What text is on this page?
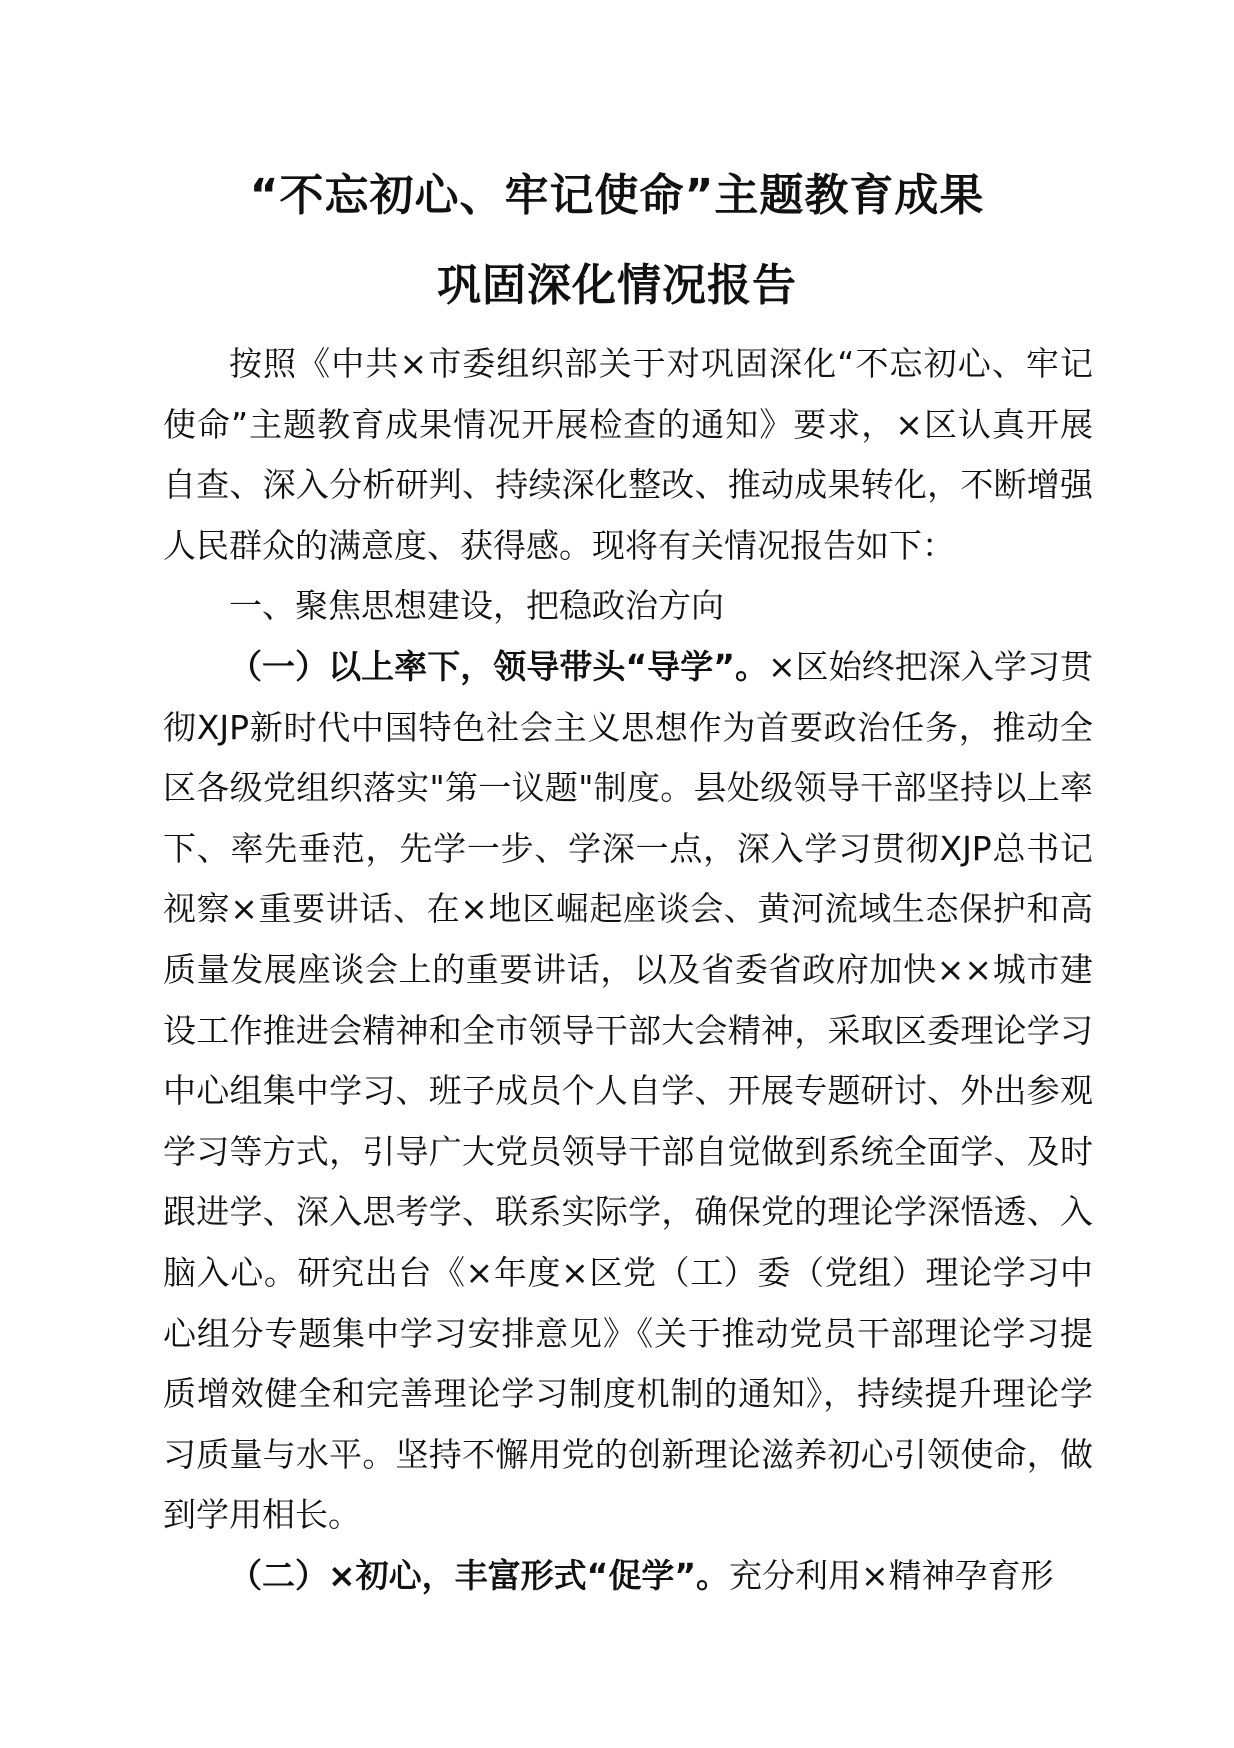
“不忘初心、牢记使命”主题教育成果
巩固深化情况报告

按照《中共×市委组织部关于对巩固深化“不忘初心、牢记使命”主题教育成果情况开展检查的通知》要求，×区认真开展自查、深入分析研判、持续深化整改、推动成果转化，不断增强人民群众的满意度、获得感。现将有关情况报告如下：

一、聚焦思想建设，把稳政治方向

（一）以上率下，领导带头“导学”。×区始终把深入学习贯彻XJP新时代中国特色社会主义思想作为首要政治任务，推动全区各级党组织落实"第一议题"制度。县处级领导干部坚持以上率下、率先垂范，先学一步、学深一点，深入学习贯彻XJP总书记视察×重要讲话、在×地区崛起座谈会、黄河流域生态保护和高质量发展座谈会上的重要讲话，以及省委省政府加快××城市建设工作推进会精神和全市领导干部大会精神，采取区委理论学习中心组集中学习、班子成员个人自学、开展专题研讨、外出参观学习等方式，引导广大党员领导干部自觉做到系统全面学、及时跟进学、深入思考学、联系实际学，确保党的理论学深悟透、入脑入心。研究出台《×年度×区党（工）委（党组）理论学习中心组分专题集中学习安排意见》《关于推动党员干部理论学习提质增效健全和完善理论学习制度机制的通知》，持续提升理论学习质量与水平。坚持不懈用党的创新理论滋养初心引领使命，做到学用相长。

（二）×初心，丰富形式“促学”。充分利用×精神孕育形
